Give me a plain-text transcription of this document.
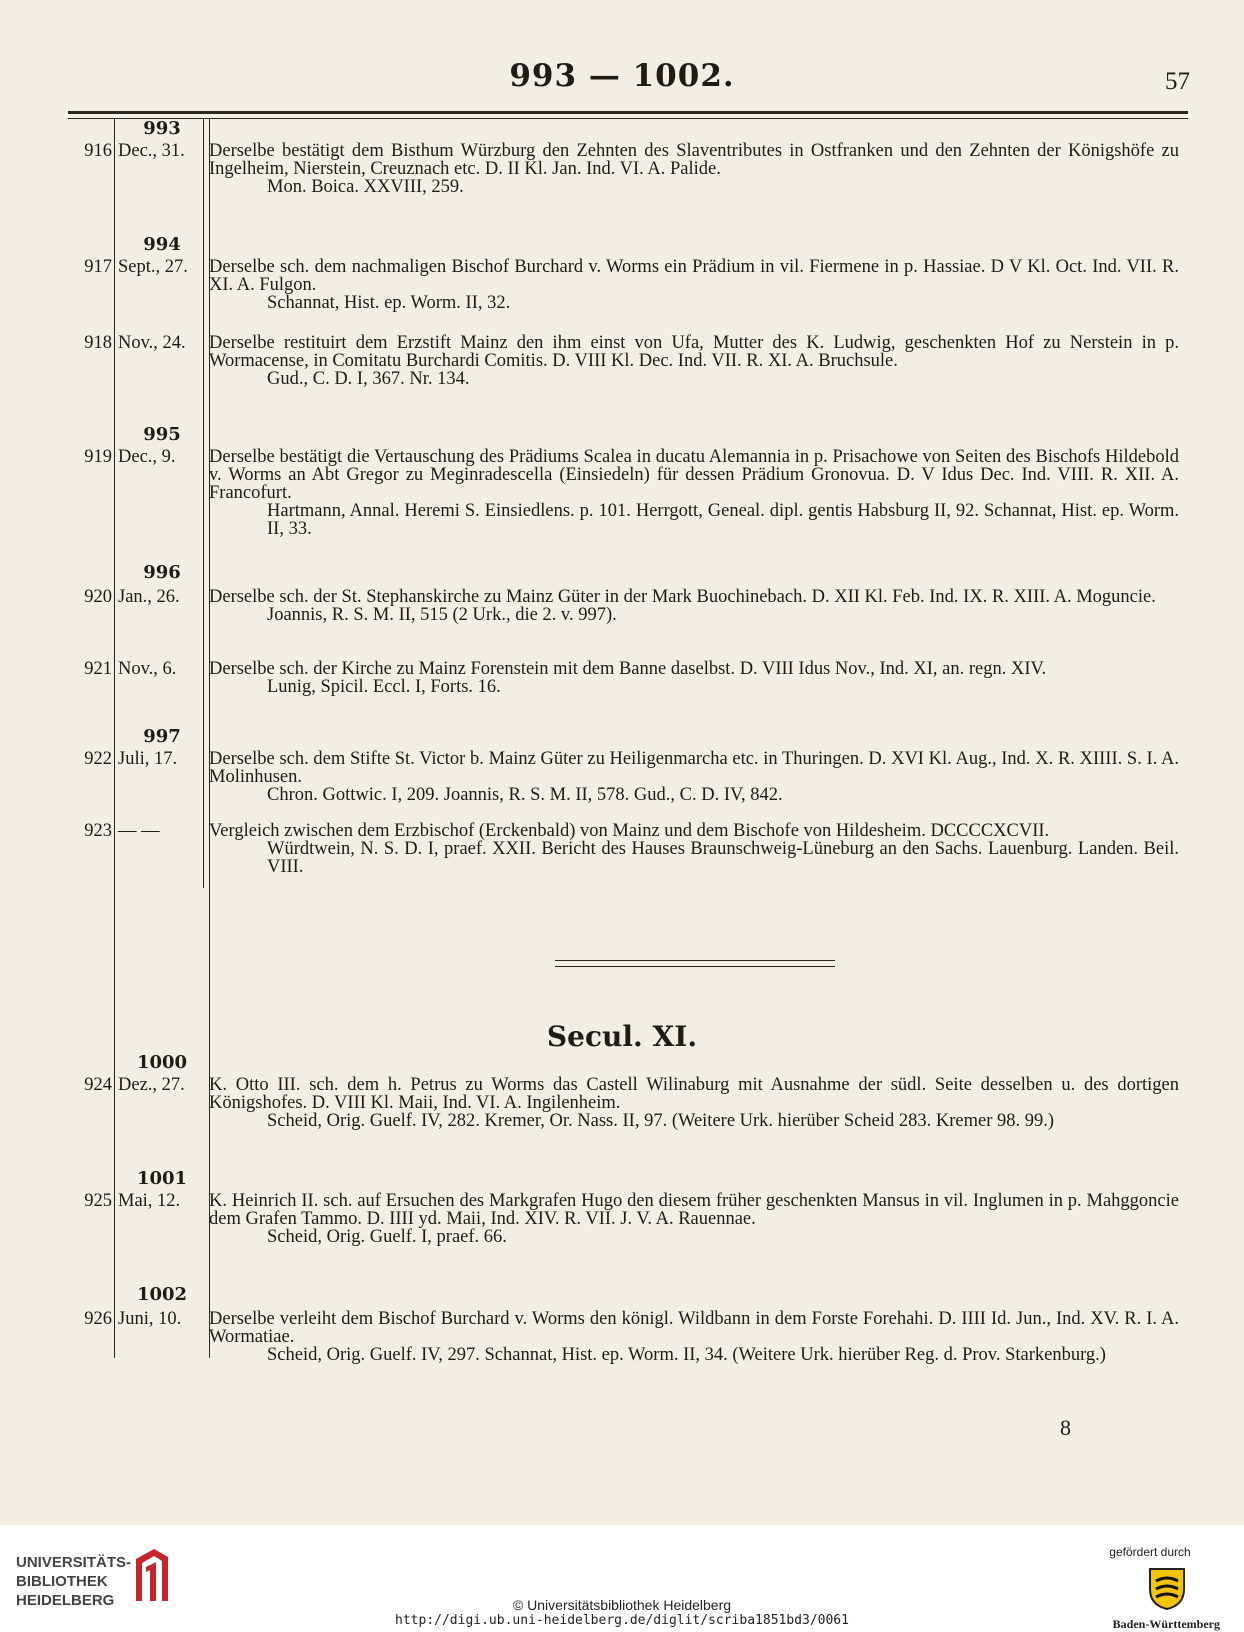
993 — 1002.	57
993
916 Dec., 31.	Derselbe bestätigt dem Bisthum Würzburg den Zehnten des Slaventributes in Ostfranken und den Zehnten der Königshöfe zu Ingelheim, Nierstein, Creuznach etc. D. II Kl. Jan. Ind. VI. A. Palide.
Mon. Boica. XXVIII, 259.
994
917 Sept., 27.	Derselbe sch. dem nachmaligen Bischof Burchard v. Worms ein Prädium in vil. Fiermene in p. Hassiae. D V Kl. Oct. Ind. VII. R. XI. A. Fulgon.
Schannat, Hist. ep. Worm. II, 32.
918 Nov., 24.	Derselbe restituirt dem Erzstift Mainz den ihm einst von Ufa, Mutter des K. Ludwig, geschenkten Hof zu Nerstein in p. Wormacense, in Comitatu Burchardi Comitis. D. VIII Kl. Dec. Ind. VII. R. XI. A. Bruchsule.
Gud., C. D. I, 367. Nr. 134.
995
919 Dec., 9.	Derselbe bestätigt die Vertauschung des Prädiums Scalea in ducatu Alemannia in p. Prisachowe von Seiten des Bischofs Hildebold v. Worms an Abt Gregor zu Meginradescella (Einsiedeln) für dessen Prädium Gronovua. D. V Idus Dec. Ind. VIII. R. XII. A. Francofurt.
Hartmann, Annal. Heremi S. Einsiedlens. p. 101. Herrgott, Geneal. dipl. gentis Habsburg II, 92. Schannat, Hist. ep. Worm. II, 33.
996
920 Jan., 26.	Derselbe sch. der St. Stephanskirche zu Mainz Güter in der Mark Buochinebach. D. XII Kl. Feb. Ind. IX. R. XIII. A. Moguncie.
Joannis, R. S. M. II, 515 (2 Urk., die 2. v. 997).
921 Nov., 6.	Derselbe sch. der Kirche zu Mainz Forenstein mit dem Banne daselbst. D. VIII Idus Nov., Ind. XI, an. regn. XIV.
Lunig, Spicil. Eccl. I, Forts. 16.
997
922 Juli, 17.	Derselbe sch. dem Stifte St. Victor b. Mainz Güter zu Heiligenmarcha etc. in Thuringen. D. XVI Kl. Aug., Ind. X. R. XIIII. S. I. A. Molinhusen.
Chron. Gottwic. I, 209. Joannis, R. S. M. II, 578. Gud., C. D. IV, 842.
923 — —	Vergleich zwischen dem Erzbischof (Erckenbald) von Mainz und dem Bischofe von Hildesheim. DCCCCXCVII.
Würdtwein, N. S. D. I, praef. XXII. Bericht des Hauses Braunschweig-Lüneburg an den Sachs. Lauenburg. Landen. Beil. VIII.
Secul. XI.
1000
924 Dez., 27.	K. Otto III. sch. dem h. Petrus zu Worms das Castell Wilinaburg mit Ausnahme der südl. Seite desselben u. des dortigen Königshofes. D. VIII Kl. Maii, Ind. VI. A. Ingilenheim.
Scheid, Orig. Guelf. IV, 282. Kremer, Or. Nass. II, 97. (Weitere Urk. hierüber Scheid 283. Kremer 98. 99.)
1001
925 Mai, 12.	K. Heinrich II. sch. auf Ersuchen des Markgrafen Hugo den diesem früher geschenkten Mansus in vil. Inglumen in p. Mahggoncie dem Grafen Tammo. D. IIII yd. Maii, Ind. XIV. R. VII. J. V. A. Rauennae.
Scheid, Orig. Guelf. I, praef. 66.
1002
926 Juni, 10.	Derselbe verleiht dem Bischof Burchard v. Worms den königl. Wildbann in dem Forste Forehahi. D. IIII Id. Jun., Ind. XV. R. I. A. Wormatiae.
Scheid, Orig. Guelf. IV, 297. Schannat, Hist. ep. Worm. II, 34. (Weitere Urk. hierüber Reg. d. Prov. Starkenburg.)
8
UNIVERSITÄTS-
BIBLIOTHEK
HEIDELBERG	© Universitätsbibliothek Heidelberg
http://digi.ub.uni-heidelberg.de/diglit/scriba1851bd3/0061
gefördert durch
Baden-Württemberg
